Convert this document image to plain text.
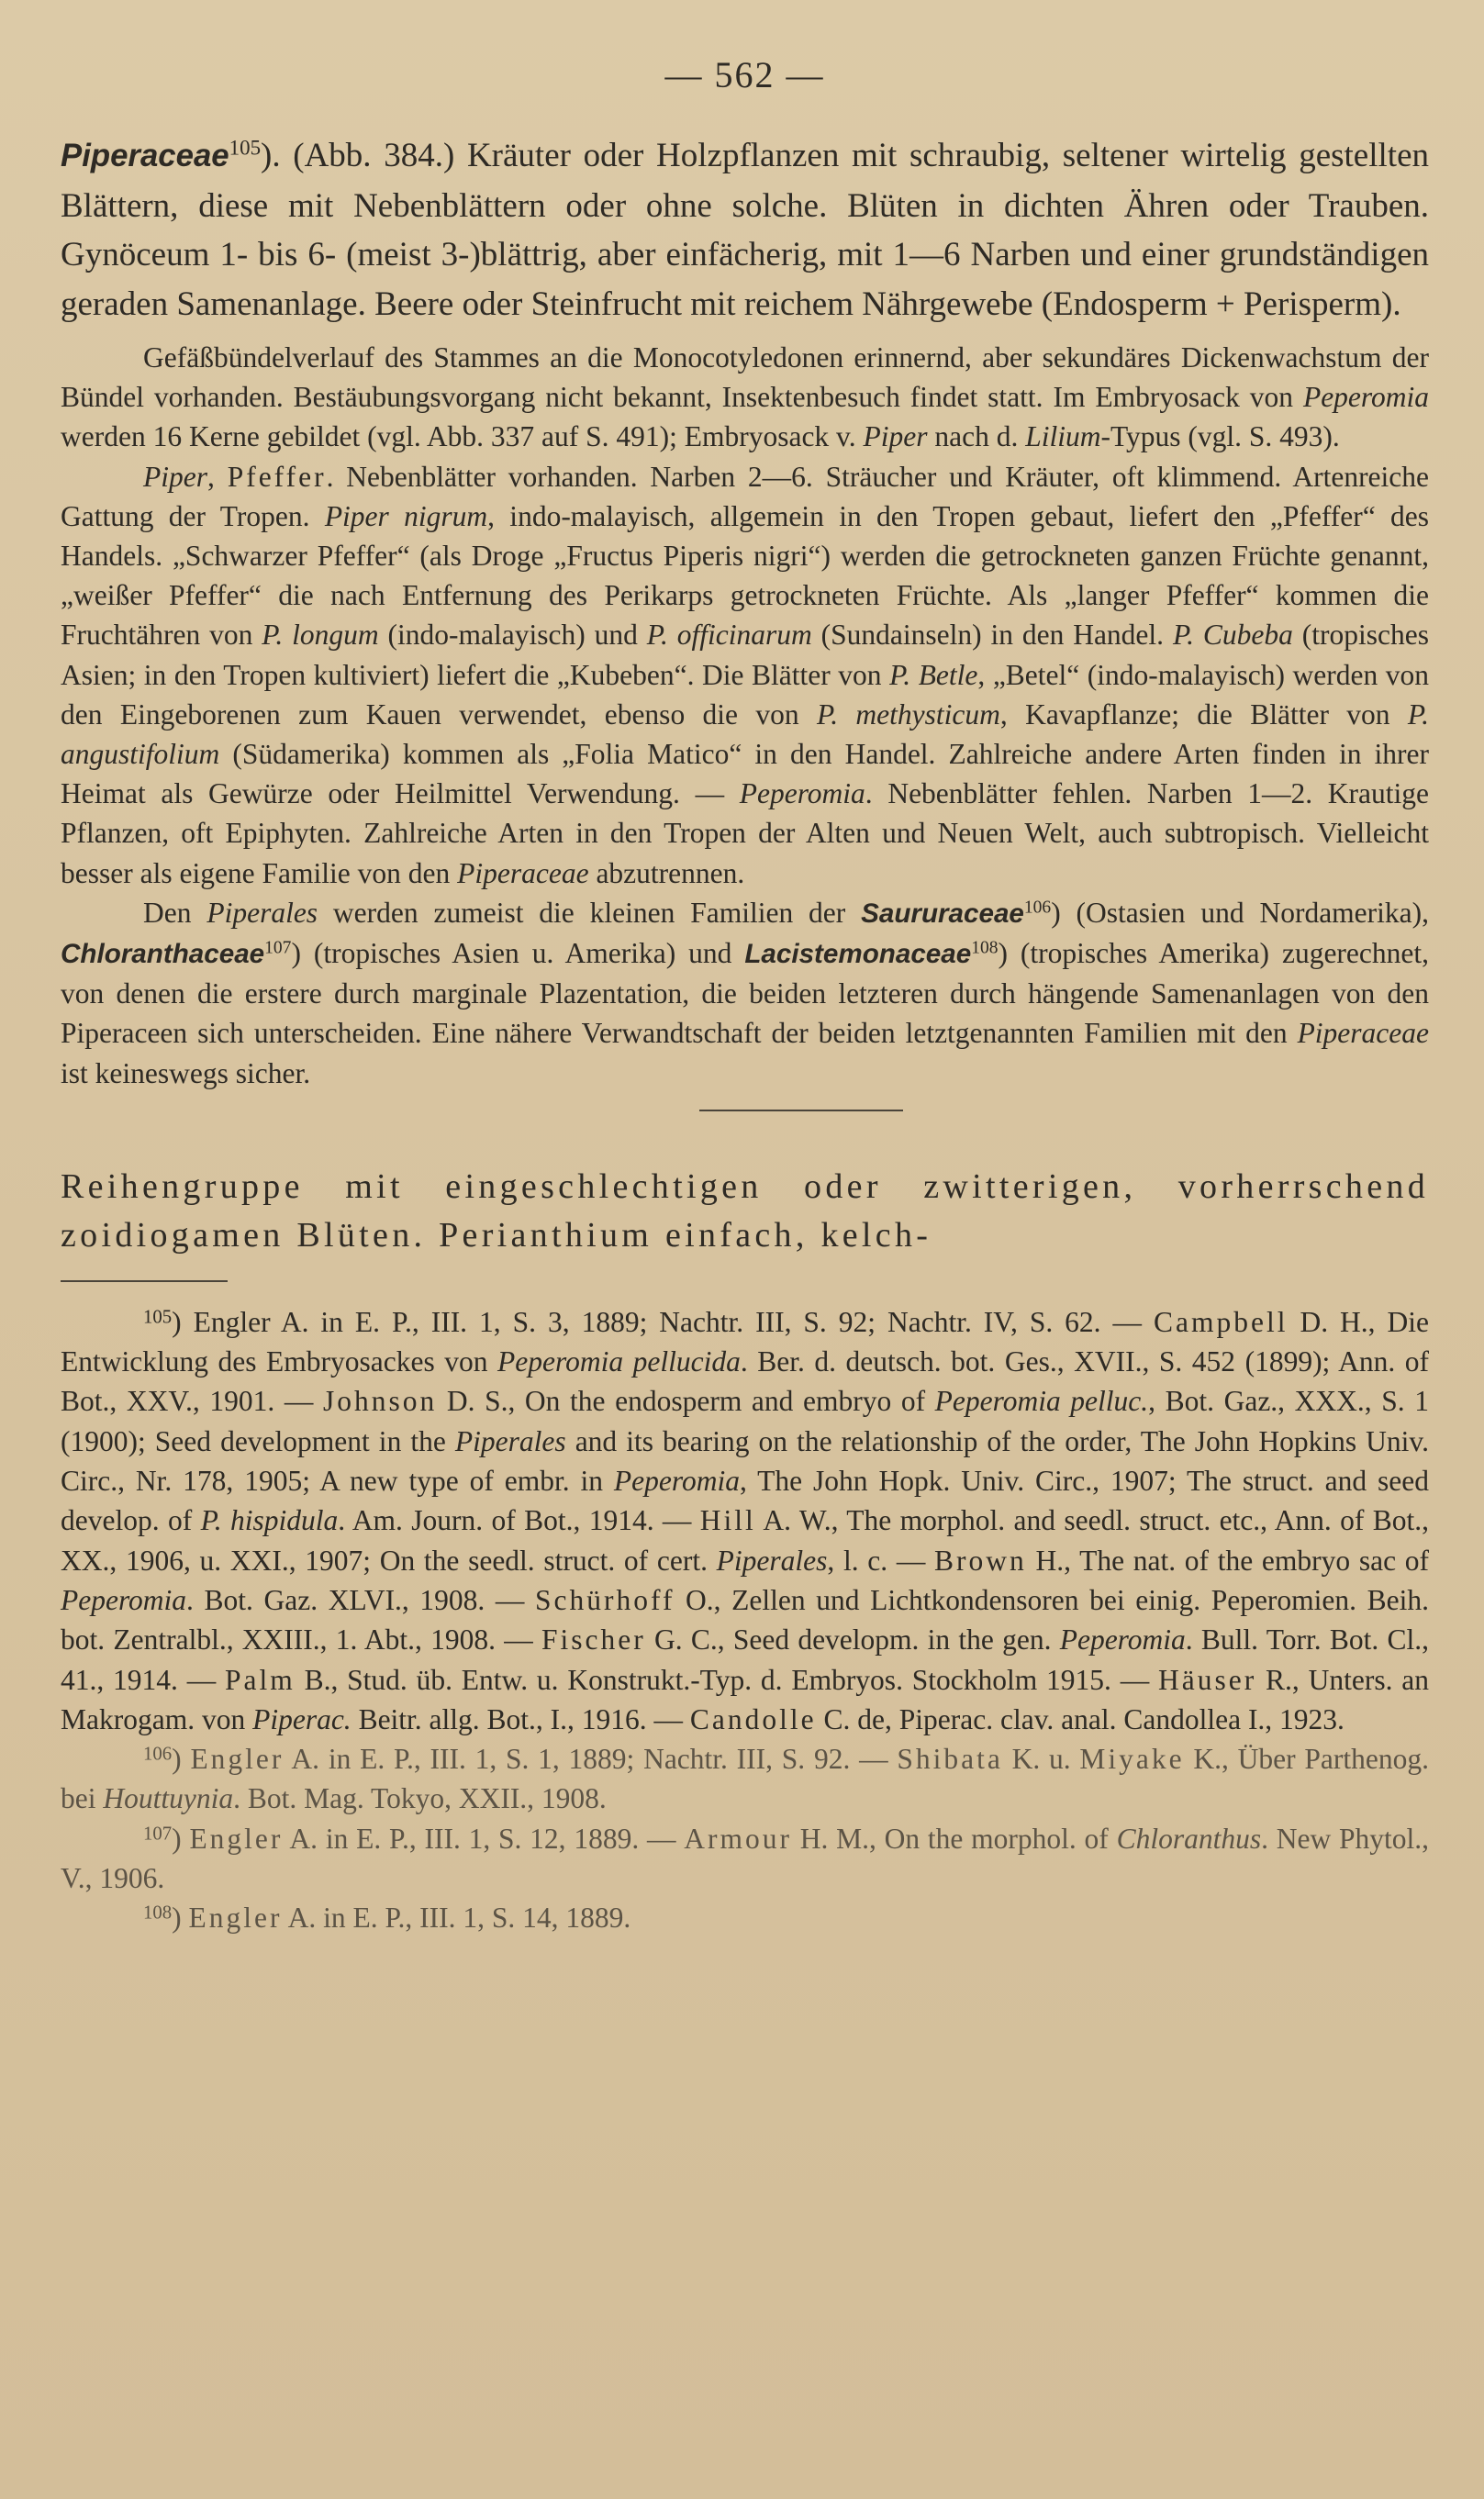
— 562 —

Piperaceae$^{105}$). (Abb. 384.) Kräuter oder Holzpflanzen mit schraubig, seltener wirtelig gestellten Blättern, diese mit Nebenblättern oder ohne solche. Blüten in dichten Ähren oder Trauben. Gynöceum 1- bis 6- (meist 3-)blättrig, aber einfächerig, mit 1—6 Narben und einer grundständigen geraden Samenanlage. Beere oder Steinfrucht mit reichem Nährgewebe (Endosperm + Perisperm).

Gefäßbündelverlauf des Stammes an die Monocotyledonen erinnernd, aber sekundäres Dickenwachstum der Bündel vorhanden. Bestäubungsvorgang nicht bekannt, Insektenbesuch findet statt. Im Embryosack von Peperomia werden 16 Kerne gebildet (vgl. Abb. 337 auf S. 491); Embryosack v. Piper nach d. Lilium-Typus (vgl. S. 493).

Piper, Pfeffer. Nebenblätter vorhanden. Narben 2—6. Sträucher und Kräuter, oft klimmend. Artenreiche Gattung der Tropen. Piper nigrum, indo-malayisch, allgemein in den Tropen gebaut, liefert den „Pfeffer“ des Handels. „Schwarzer Pfeffer“ (als Droge „Fructus Piperis nigri“) werden die getrockneten ganzen Früchte genannt, „weißer Pfeffer“ die nach Entfernung des Perikarps getrockneten Früchte. Als „langer Pfeffer“ kommen die Fruchtähren von P. longum (indo-malayisch) und P. officinarum (Sundainseln) in den Handel. P. Cubeba (tropisches Asien; in den Tropen kultiviert) liefert die „Kubeben“. Die Blätter von P. Betle, „Betel“ (indo-malayisch) werden von den Eingeborenen zum Kauen verwendet, ebenso die von P. methysticum, Kavapflanze; die Blätter von P. angustifolium (Südamerika) kommen als „Folia Matico“ in den Handel. Zahlreiche andere Arten finden in ihrer Heimat als Gewürze oder Heilmittel Verwendung. — Peperomia. Nebenblätter fehlen. Narben 1—2. Krautige Pflanzen, oft Epiphyten. Zahlreiche Arten in den Tropen der Alten und Neuen Welt, auch subtropisch. Vielleicht besser als eigene Familie von den Piperaceae abzutrennen.

Den Piperales werden zumeist die kleinen Familien der Saururaceae$^{106}$) (Ostasien und Nordamerika), Chloranthaceae$^{107}$) (tropisches Asien u. Amerika) und Lacistemonaceae$^{108}$) (tropisches Amerika) zugerechnet, von denen die erstere durch marginale Plazentation, die beiden letzteren durch hängende Samenanlagen von den Piperaceen sich unterscheiden. Eine nähere Verwandtschaft der beiden letztgenannten Familien mit den Piperaceae ist keineswegs sicher.

Reihengruppe mit eingeschlechtigen oder zwitterigen, vorherrschend zoidiogamen Blüten. Perianthium einfach, kelch-

$^{105}$) Engler A. in E. P., III. 1, S. 3, 1889; Nachtr. III, S. 92; Nachtr. IV, S. 62. — Campbell D. H., Die Entwicklung des Embryosackes von Peperomia pellucida. Ber. d. deutsch. bot. Ges., XVII., S. 452 (1899); Ann. of Bot., XXV., 1901. — Johnson D. S., On the endosperm and embryo of Peperomia pelluc., Bot. Gaz., XXX., S. 1 (1900); Seed development in the Piperales and its bearing on the relationship of the order, The John Hopkins Univ. Circ., Nr. 178, 1905; A new type of embr. in Peperomia, The John Hopk. Univ. Circ., 1907; The struct. and seed develop. of P. hispidula. Am. Journ. of Bot., 1914. — Hill A. W., The morphol. and seedl. struct. etc., Ann. of Bot., XX., 1906, u. XXI., 1907; On the seedl. struct. of cert. Piperales, l. c. — Brown H., The nat. of the embryo sac of Peperomia. Bot. Gaz. XLVI., 1908. — Schürhoff O., Zellen und Lichtkondensoren bei einig. Peperomien. Beih. bot. Zentralbl., XXIII., 1. Abt., 1908. — Fischer G. C., Seed developm. in the gen. Peperomia. Bull. Torr. Bot. Cl., 41., 1914. — Palm B., Stud. üb. Entw. u. Konstrukt.-Typ. d. Embryos. Stockholm 1915. — Häuser R., Unters. an Makrogam. von Piperac. Beitr. allg. Bot., I., 1916. — Candolle C. de, Piperac. clav. anal. Candollea I., 1923.

$^{106}$) Engler A. in E. P., III. 1, S. 1, 1889; Nachtr. III, S. 92. — Shibata K. u. Miyake K., Über Parthenog. bei Houttuynia. Bot. Mag. Tokyo, XXII., 1908.

$^{107}$) Engler A. in E. P., III. 1, S. 12, 1889. — Armour H. M., On the morphol. of Chloranthus. New Phytol., V., 1906.

$^{108}$) Engler A. in E. P., III. 1, S. 14, 1889.
